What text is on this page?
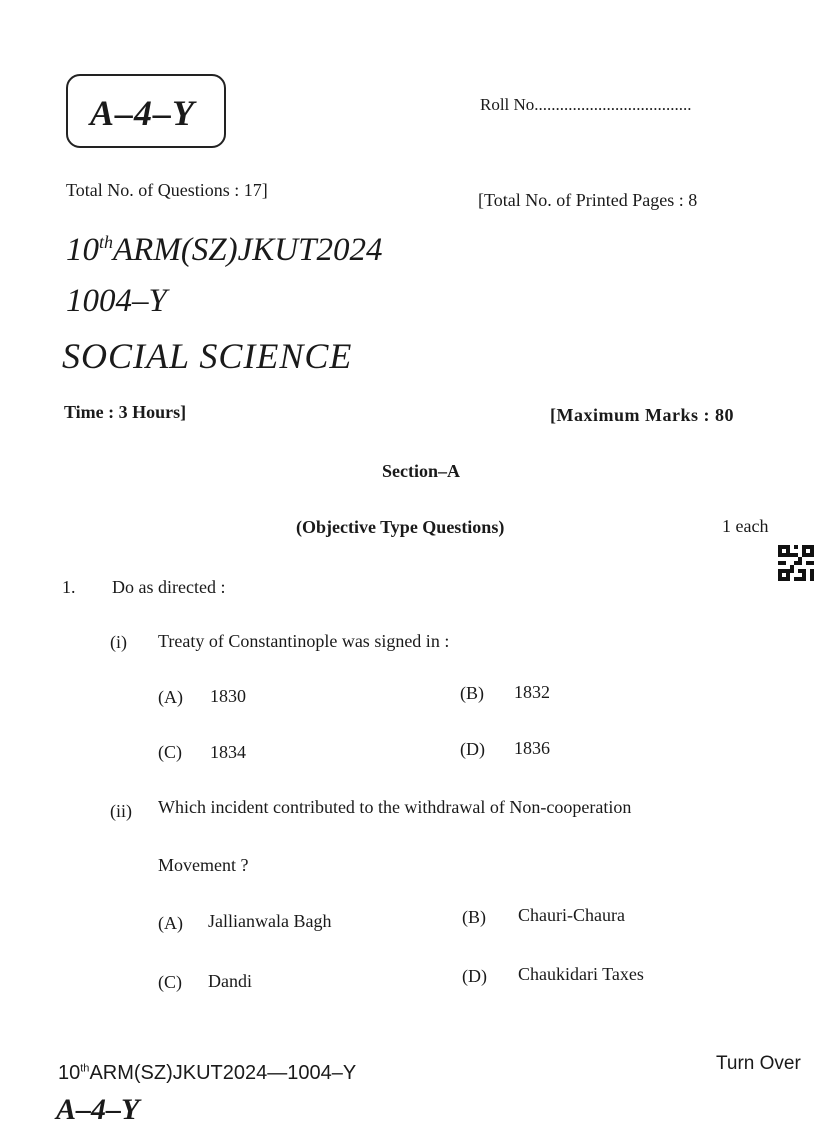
A–4–Y	Roll No.....................................
Total No. of Questions : 17]	[Total No. of Printed Pages : 8
10thARM(SZ)JKUT2024
1004–Y
SOCIAL SCIENCE
Time : 3 Hours]	[Maximum Marks : 80
Section–A
(Objective Type Questions)	1 each
1. Do as directed :
(i) Treaty of Constantinople was signed in :
(A) 1830	(B) 1832
(C) 1834	(D) 1836
(ii) Which incident contributed to the withdrawal of Non-cooperation
Movement ?
(A) Jallianwala Bagh	(B) Chauri-Chaura
(C) Dandi	(D) Chaukidari Taxes
10thARM(SZ)JKUT2024—1004–Y	Turn Over
A–4–Y
